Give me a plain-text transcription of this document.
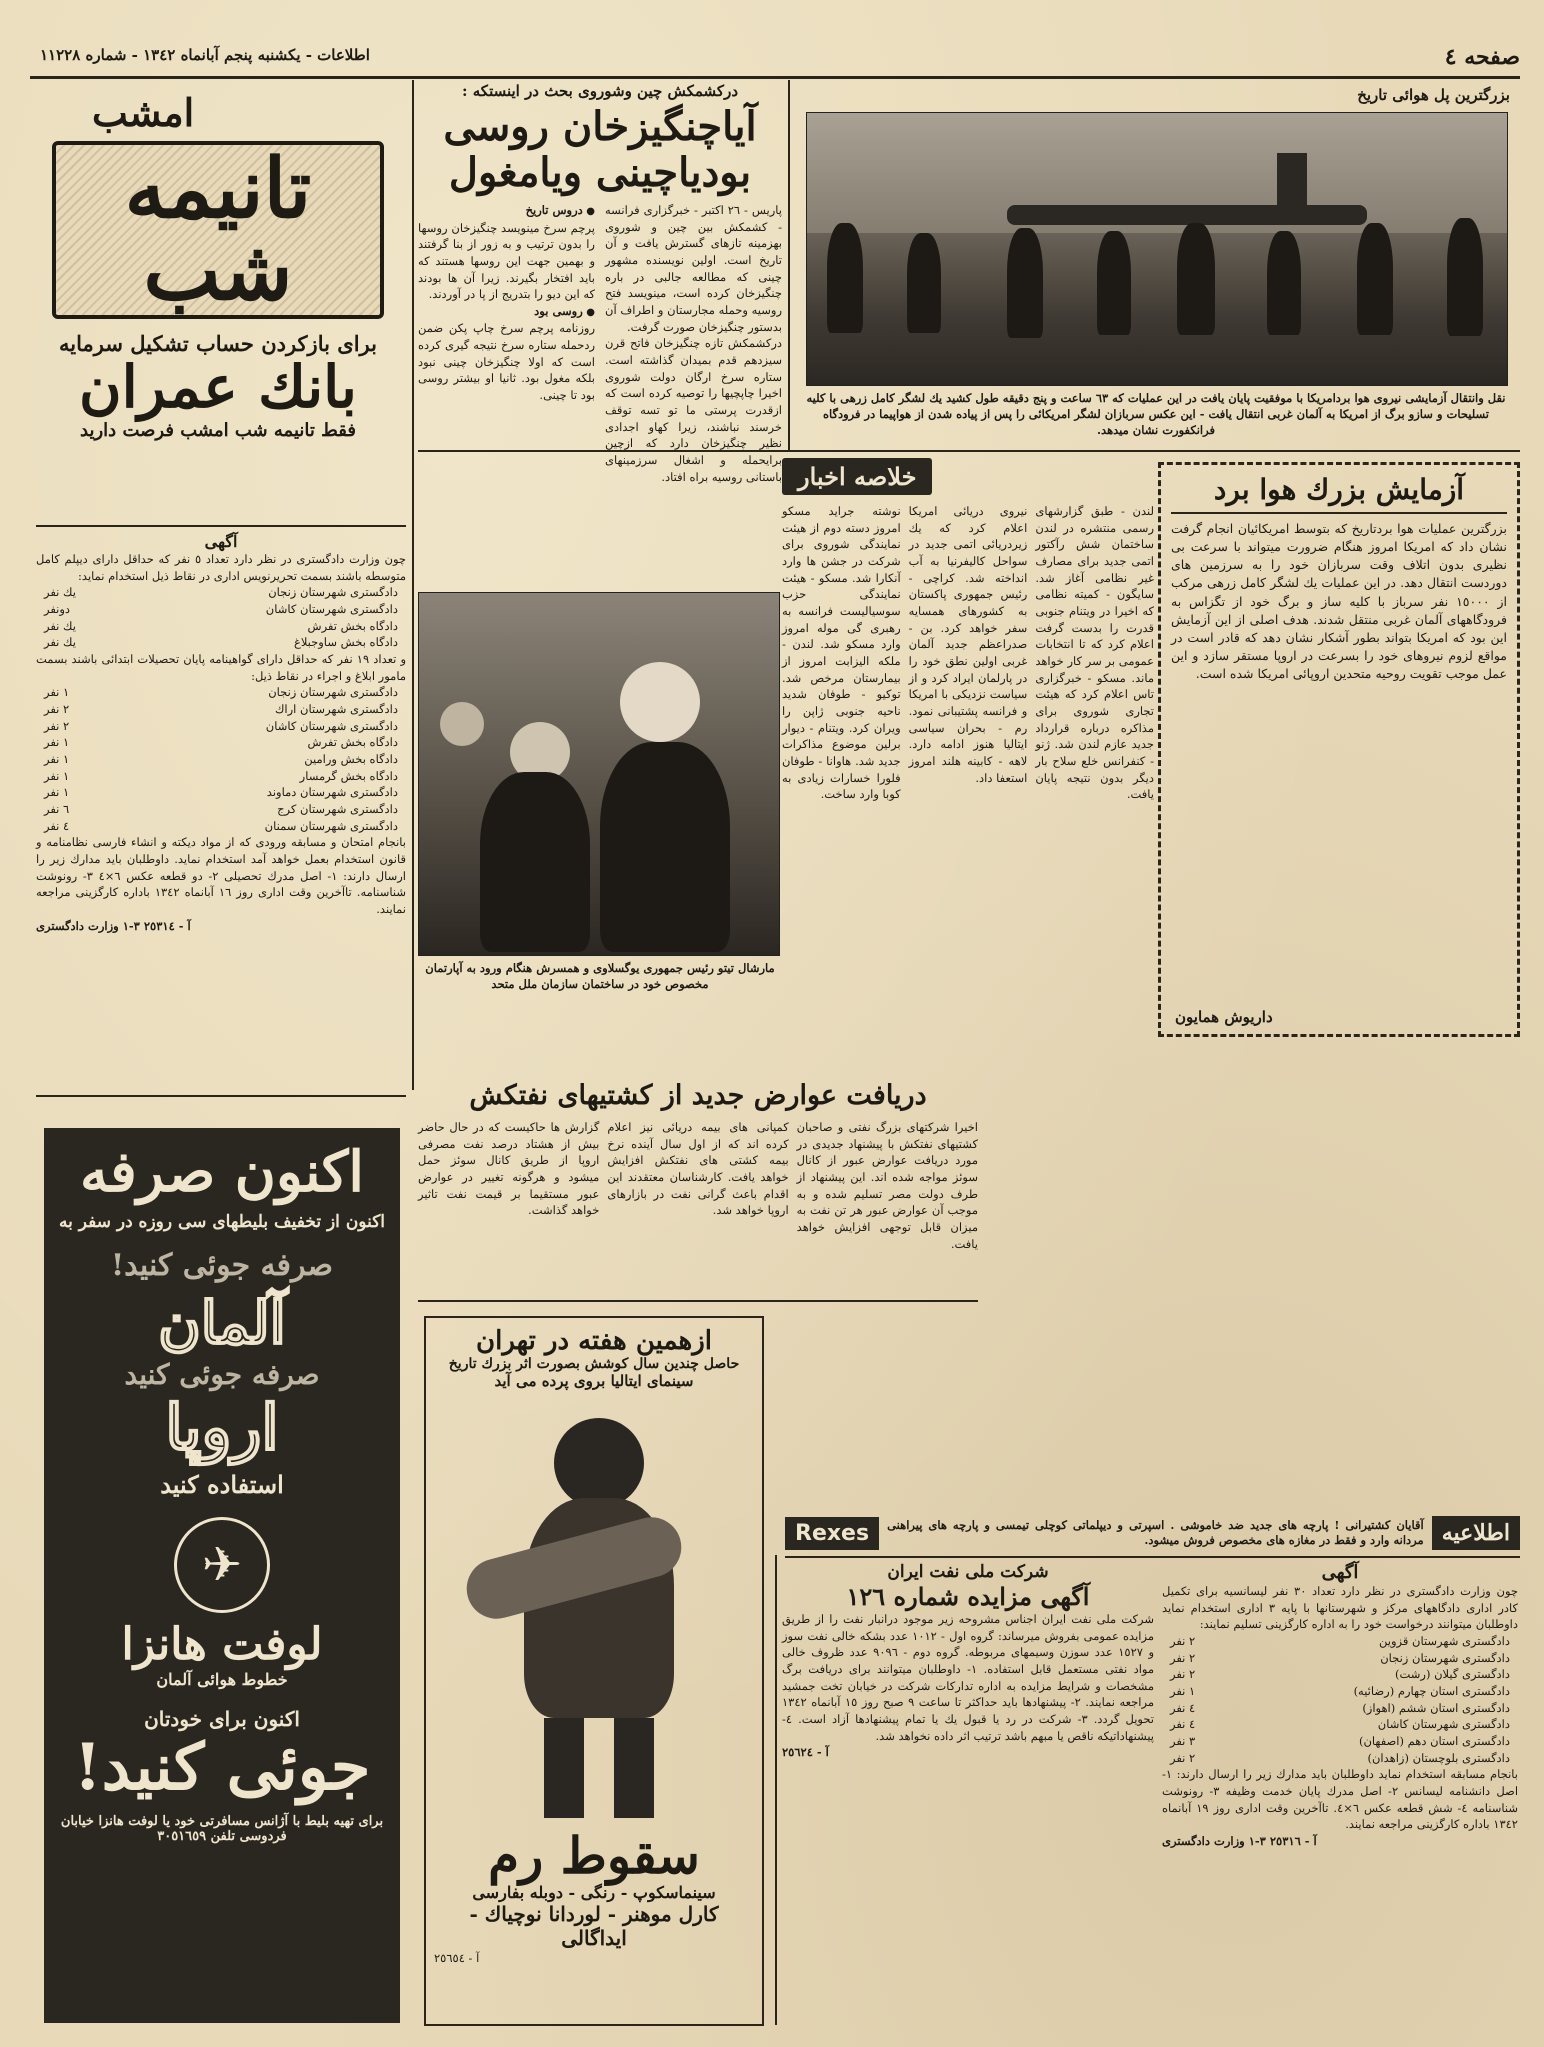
صفحه ٤
اطلاعات - یکشنبه پنجم آبانماه ١٣٤٢ - شماره ١١٢٢٨
بزرگترین پل هوائی تاریخ
نقل وانتقال آزمایشی نیروی هوا بردامریکا با موفقیت پایان یافت در این عملیات که ٦٣ ساعت و پنج دقیقه طول کشید یك لشگر کامل زرهی با کلیه تسلیحات و سازو برگ از امریکا به آلمان غربی انتقال یافت - این عکس سربازان لشگر امریکائی را پس از پیاده شدن از هواپیما در فرودگاه فرانکفورت نشان میدهد.
درکشمکش چین وشوروی بحث در اینستکه :
آیاچنگیزخان روسی
بودیاچینی ویامغول
پاریس - ٢٦ اکتبر - خبرگزاری فرانسه - کشمکش بین چین و شوروی بهزمینه تازهای گسترش یافت و آن تاریخ است. اولین نویسنده مشهور چینی که مطالعه جالبی در باره چنگیزخان کرده است، مینویسد فتح روسیه وحمله مجارستان و اطراف آن بدستور چنگیزخان صورت گرفت.
درکشمکش تازه چنگیزخان فاتح قرن سیزدهم قدم بمیدان گذاشته است. ستاره سرخ ارگان دولت شوروی اخیرا چاپچیها را توصیه کرده است که ازقدرت پرستی ما تو تسه توقف خرسند نباشند، زیرا کهاو اجدادی نظیر چنگیزخان دارد که ازچین برایحمله و اشغال سرزمینهای باستانی روسیه براه افتاد.
● دروس تاریخ
پرچم سرخ مینویسد چنگیزخان روسها را بدون ترتیب و به زور از بنا گرفتند و بهمین جهت این روسها هستند که باید افتخار بگیرند. زیرا آن ها بودند که این دیو را بتدریج از پا در آوردند.
● روسی بود
روزنامه پرچم سرخ چاپ پکن ضمن ردحمله ستاره سرخ نتیجه گیری کرده است که اولا چنگیزخان چینی نبود بلکه مغول بود. ثانیا او بیشتر روسی بود تا چینی.
امشب
تانیمه شب
برای بازکردن حساب تشکیل سرمایه
بانك عمران
فقط تانیمه شب امشب فرصت دارید
آگهی
چون وزارت دادگستری در نظر دارد تعداد ٥ نفر که حداقل دارای دیپلم کامل متوسطه باشند بسمت تحریرنویس اداری در نقاط ذیل استخدام نماید:
دادگستری شهرستان زنجان
یك نفر
دادگستری شهرستان کاشان
دونفر
دادگاه بخش تفرش
یك نفر
دادگاه بخش ساوجبلاغ
یك نفر
و تعداد ١٩ نفر که حداقل دارای گواهینامه پایان تحصیلات ابتدائی باشند بسمت مامور ابلاغ و اجراء در نقاط ذیل:
دادگستری شهرستان زنجان
١ نفر
دادگستری شهرستان اراك
٢ نفر
دادگستری شهرستان کاشان
٢ نفر
دادگاه بخش تفرش
١ نفر
دادگاه بخش ورامین
١ نفر
دادگاه بخش گرمسار
١ نفر
دادگستری شهرستان دماوند
١ نفر
دادگستری شهرستان کرج
٦ نفر
دادگستری شهرستان سمنان
٤ نفر
بانجام امتحان و مسابقه ورودی که از مواد دیکته و انشاء فارسی نظامنامه و قانون استخدام بعمل خواهد آمد استخدام نماید. داوطلبان باید مدارك زیر را ارسال دارند: ١- اصل مدرك تحصیلی ٢- دو قطعه عکس ٦×٤ ٣- رونوشت شناسنامه. تاآخرین وقت اداری روز ١٦ آبانماه ١٣٤٢ باداره کارگزینی مراجعه نمایند.
آ - ٢٥٣١٤ ٣-١ وزارت دادگستری
اکنون صرفه
اکنون از تخفیف بلیطهای سی روزه در سفر به
صرفه جوئی کنید!
آلمان
صرفه جوئی کنید
اروپا
استفاده کنید
✈
لوفت هانزا
خطوط هوائی آلمان
اکنون برای خودتان
جوئی کنید!
برای تهیه بلیط با آژانس مسافرتی خود یا لوفت هانزا خیابان فردوسی تلفن ٣٠٥١٦٥٩
آزمایش بزرك هوا برد
بزرگترین عملیات هوا بردتاریخ که بتوسط امریکائیان انجام گرفت نشان داد که امریکا امروز هنگام ضرورت میتواند با سرعت بی نظیری بدون اتلاف وقت سربازان خود را به سرزمین های دوردست انتقال دهد. در این عملیات یك لشگر کامل زرهی مرکب از ١٥٠٠٠ نفر سرباز با کلیه ساز و برگ خود از تگزاس به فرودگاههای آلمان غربی منتقل شدند. هدف اصلی از این آزمایش این بود که امریکا بتواند بطور آشکار نشان دهد که قادر است در مواقع لزوم نیروهای خود را بسرعت در اروپا مستقر سازد و این عمل موجب تقویت روحیه متحدین اروپائی امریکا شده است.
داریوش همایون
خلاصه اخبار
لندن - طبق گزارشهای رسمی منتشره در لندن ساختمان شش رآکتور اتمی جدید برای مصارف غیر نظامی آغاز شد. سایگون - کمیته نظامی که اخیرا در ویتنام جنوبی قدرت را بدست گرفت اعلام کرد که تا انتخابات عمومی بر سر کار خواهد ماند. مسکو - خبرگزاری تاس اعلام کرد که هیئت تجاری شوروی برای مذاکره درباره قرارداد جدید عازم لندن شد. ژنو - کنفرانس خلع سلاح بار دیگر بدون نتیجه پایان یافت.
نیروی دریائی امریکا اعلام کرد که یك زیردریائی اتمی جدید در سواحل کالیفرنیا به آب انداخته شد. کراچی - رئیس جمهوری پاکستان به کشورهای همسایه سفر خواهد کرد. بن - صدراعظم جدید آلمان غربی اولین نطق خود را در پارلمان ایراد کرد و از سیاست نزدیکی با امریکا و فرانسه پشتیبانی نمود. رم - بحران سیاسی ایتالیا هنوز ادامه دارد. لاهه - کابینه هلند امروز استعفا داد.
نوشته جراید مسکو امروز دسته دوم از هیئت نمایندگی شوروی برای شرکت در جشن ها وارد آنکارا شد. مسکو - هیئت نمایندگی حزب سوسیالیست فرانسه به رهبری گی موله امروز وارد مسکو شد. لندن - ملکه الیزابت امروز از بیمارستان مرخص شد. توکیو - طوفان شدید ناحیه جنوبی ژاپن را ویران کرد. ویتنام - دیوار برلین موضوع مذاکرات جدید شد. هاوانا - طوفان فلورا خسارات زیادی به کوبا وارد ساخت.
مارشال تیتو رئیس جمهوری یوگسلاوی و همسرش هنگام ورود به آپارتمان مخصوص خود در ساختمان سازمان ملل متحد
دریافت عوارض جدید از کشتیهای نفتکش
اخیرا شرکتهای بزرگ نفتی و صاحبان کشتیهای نفتکش با پیشنهاد جدیدی در مورد دریافت عوارض عبور از کانال سوئز مواجه شده اند. این پیشنهاد از طرف دولت مصر تسلیم شده و به موجب آن عوارض عبور هر تن نفت به میزان قابل توجهی افزایش خواهد یافت.
کمپانی های بیمه دریائی نیز اعلام کرده اند که از اول سال آینده نرخ بیمه کشتی های نفتکش افزایش خواهد یافت. کارشناسان معتقدند این اقدام باعث گرانی نفت در بازارهای اروپا خواهد شد.
گزارش ها حاکیست که در حال حاضر بیش از هشتاد درصد نفت مصرفی اروپا از طریق کانال سوئز حمل میشود و هرگونه تغییر در عوارض عبور مستقیما بر قیمت نفت تاثیر خواهد گذاشت.
ازهمین هفته در تهران
حاصل چندین سال کوشش بصورت اثر بزرك تاریخ
سینمای ایتالیا بروی پرده می آید
سقوط رم
سینماسکوپ - رنگی - دوبله بفارسی
کارل موهنر - لوردانا نوچیاك - ایداگالی
آ - ٢٥٦٥٤
اطلاعیه
آقایان کشتیرانی ! پارچه های جدید ضد خاموشی . اسپرتی و دیپلماتی کوچلی تیمسی و پارچه های پیراهنی مردانه وارد و فقط در مغازه های مخصوص فروش میشود.
Rexes
شرکت ملی نفت ایران
آگهی مزایده شماره ١٢٦
شرکت ملی نفت ایران اجناس مشروحه زیر موجود درانبار نفت را از طریق مزایده عمومی بفروش میرساند: گروه اول - ١٠١٢ عدد بشکه خالی نفت سوز و ١٥٢٧ عدد سوزن وسیمهای مربوطه. گروه دوم - ٩٠٩٦ عدد ظروف خالی مواد نفتی مستعمل قابل استفاده. ١- داوطلبان میتوانند برای دریافت برگ مشخصات و شرایط مزایده به اداره تدارکات شرکت در خیابان تخت جمشید مراجعه نمایند. ٢- پیشنهادها باید حداکثر تا ساعت ٩ صبح روز ١٥ آبانماه ١٣٤٢ تحویل گردد. ٣- شرکت در رد یا قبول یك یا تمام پیشنهادها آزاد است. ٤- پیشنهاداتیکه ناقص یا مبهم باشد ترتیب اثر داده نخواهد شد.
آ - ٢٥٦٢٤
آگهی
چون وزارت دادگستری در نظر دارد تعداد ٣٠ نفر لیسانسیه برای تکمیل کادر اداری دادگاههای مرکز و شهرستانها با پایه ٣ اداری استخدام نماید داوطلبان میتوانند درخواست خود را به اداره کارگزینی تسلیم نمایند:
دادگستری شهرستان قزوین
٢ نفر
دادگستری شهرستان زنجان
٢ نفر
دادگستری گیلان (رشت)
٢ نفر
دادگستری استان چهارم (رضائیه)
١ نفر
دادگستری استان ششم (اهواز)
٤ نفر
دادگستری شهرستان کاشان
٤ نفر
دادگستری استان دهم (اصفهان)
٣ نفر
دادگستری بلوچستان (زاهدان)
٢ نفر
بانجام مسابقه استخدام نماید داوطلبان باید مدارك زیر را ارسال دارند: ١- اصل دانشنامه لیسانس ٢- اصل مدرك پایان خدمت وظیفه ٣- رونوشت شناسنامه ٤- شش قطعه عکس ٦×٤. تاآخرین وقت اداری روز ١٩ آبانماه ١٣٤٢ باداره کارگزینی مراجعه نمایند.
آ - ٢٥٣١٦ ٣-١ وزارت دادگستری
